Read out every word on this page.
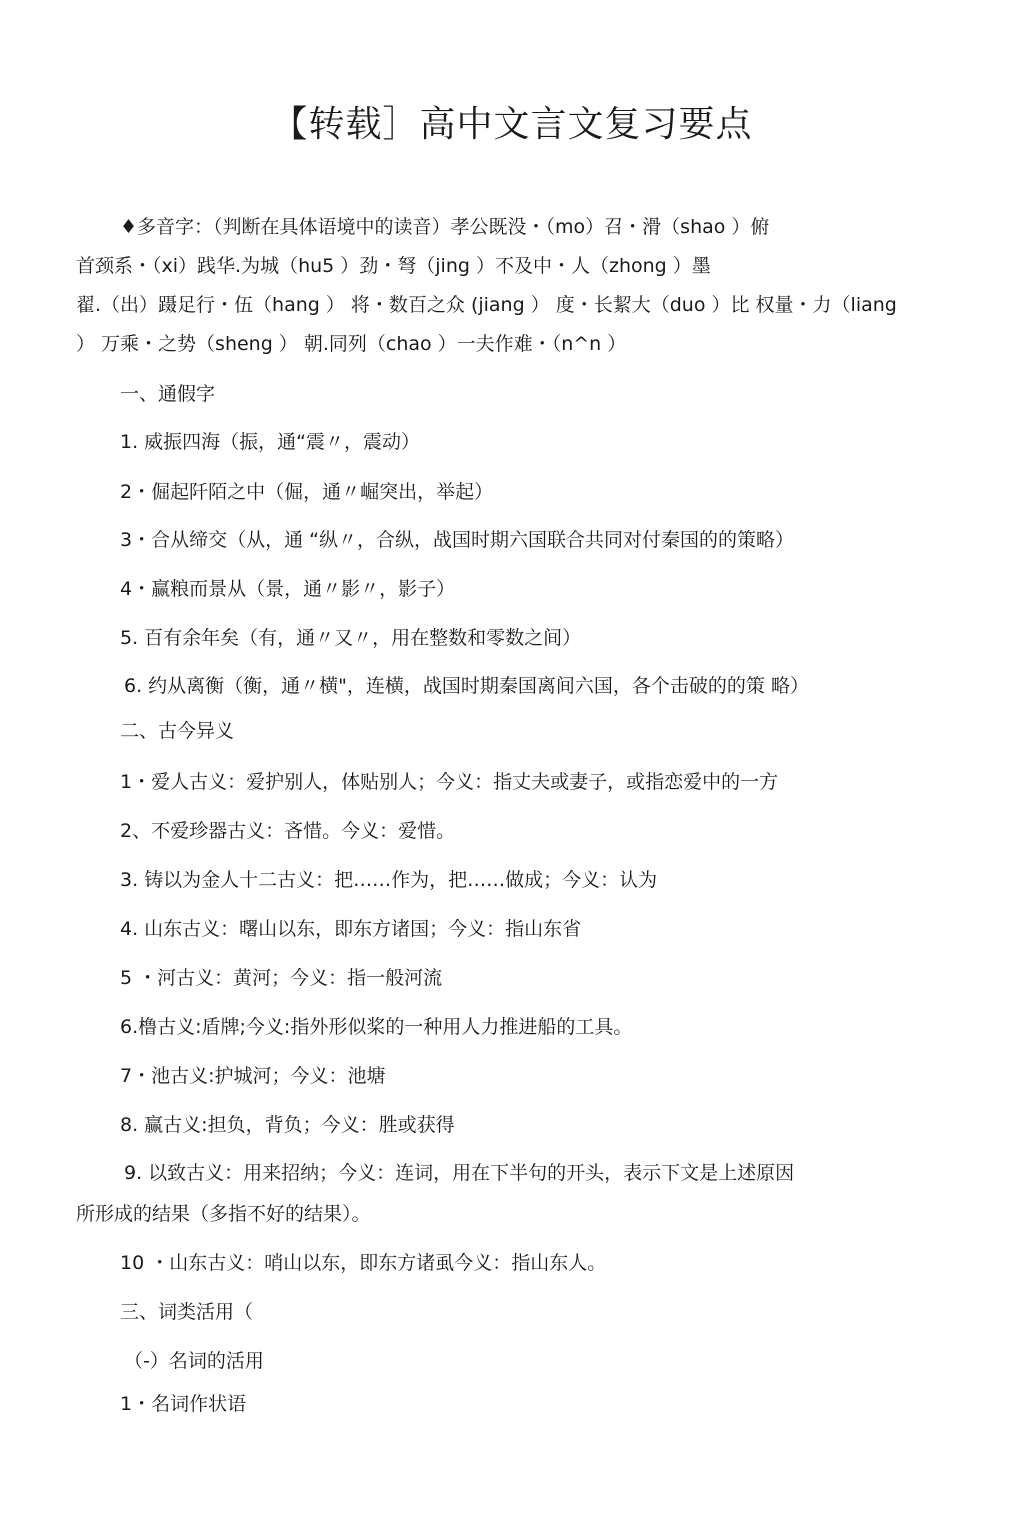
【转载］高中文言文复习要点

♦多音字：（判断在具体语境中的读音）孝公既没・（mo）召・滑（shao ）俯

首颈系・（xi）践华.为城（hu5 ）劲・弩（jing ）不及中・人（zhong ）墨

翟.（出）蹑足行・伍（hang ） 将・数百之众 (jiang ） 度・长絜大（duo ）比 权量・力（liang

） 万乘・之势（sheng ） 朝.同列（chao ）一夫作难・（n^n ）

一、通假字

1. 威振四海（振，通“震〃，震动）

2・倔起阡陌之中（倔，通〃崛突出，举起）

3・合从缔交（从，通 “纵〃，合纵，战国时期六国联合共同对付秦国的的策略）

4・赢粮而景从（景，通〃影〃，影子）

5. 百有余年矣（有，通〃又〃，用在整数和零数之间）

6. 约从离衡（衡，通〃横"，连横，战国时期秦国离间六国，各个击破的的策 略）

二、古今异义

1・爱人古义：爱护别人，体贴别人；今义：指丈夫或妻子，或指恋爱中的一方

2、不爱珍器古义：吝惜。今义：爱惜。

3. 铸以为金人十二古义：把……作为，把……做成；今义：认为

4. 山东古义：曙山以东，即东方诸国；今义：指山东省

5 ・河古义：黄河；今义：指一般河流

6.橹古义:盾牌;今义:指外形似桨的一种用人力推进船的工具。

7・池古义:护城河；今义：池塘

8. 赢古义:担负，背负；今义：胜或获得

9. 以致古义：用来招纳；今义：连词，用在下半句的开头，表示下文是上述原因

所形成的结果（多指不好的结果）。

10 ・山东古义：哨山以东，即东方诸虱今义：指山东人。

三、词类活用（

（-）名词的活用

1・名词作状语
